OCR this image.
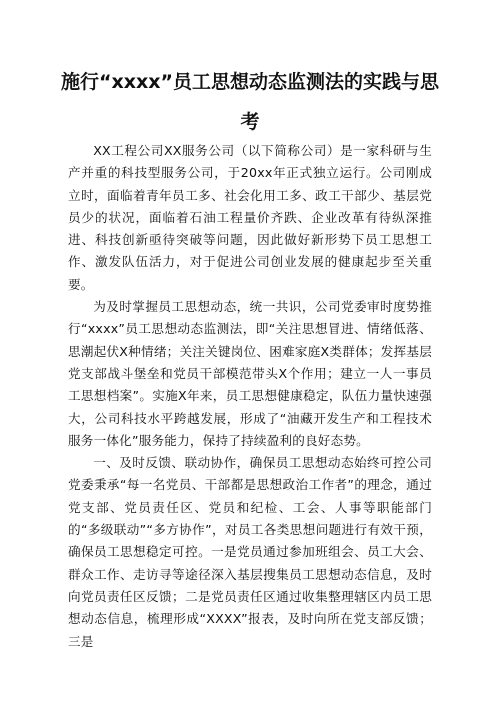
施行“xxxx”员工思想动态监测法的实践与思考

XX工程公司XX服务公司（以下简称公司）是一家科研与生产并重的科技型服务公司，于20xx年正式独立运行。公司刚成立时，面临着青年员工多、社会化用工多、政工干部少、基层党员少的状况，面临着石油工程量价齐跌、企业改革有待纵深推进、科技创新亟待突破等问题，因此做好新形势下员工思想工作、激发队伍活力，对于促进公司创业发展的健康起步至关重要。

为及时掌握员工思想动态，统一共识，公司党委审时度势推行“xxxx”员工思想动态监测法，即“关注思想冒进、情绪低落、思潮起伏X种情绪；关注关键岗位、困难家庭X类群体；发挥基层党支部战斗堡垒和党员干部模范带头X个作用；建立一人一事员工思想档案”。实施X年来，员工思想健康稳定，队伍力量快速强大，公司科技水平跨越发展，形成了“油藏开发生产和工程技术服务一体化”服务能力，保持了持续盈利的良好态势。

一、及时反馈、联动协作，确保员工思想动态始终可控公司党委秉承“每一名党员、干部都是思想政治工作者”的理念，通过党支部、党员责任区、党员和纪检、工会、人事等职能部门的“多级联动”“多方协作”，对员工各类思想问题进行有效干预，确保员工思想稳定可控。一是党员通过参加班组会、员工大会、群众工作、走访寻等途径深入基层搜集员工思想动态信息，及时向党员责任区反馈；二是党员责任区通过收集整理辖区内员工思想动态信息，梳理形成“XXXX”报表，及时向所在党支部反馈；三是
